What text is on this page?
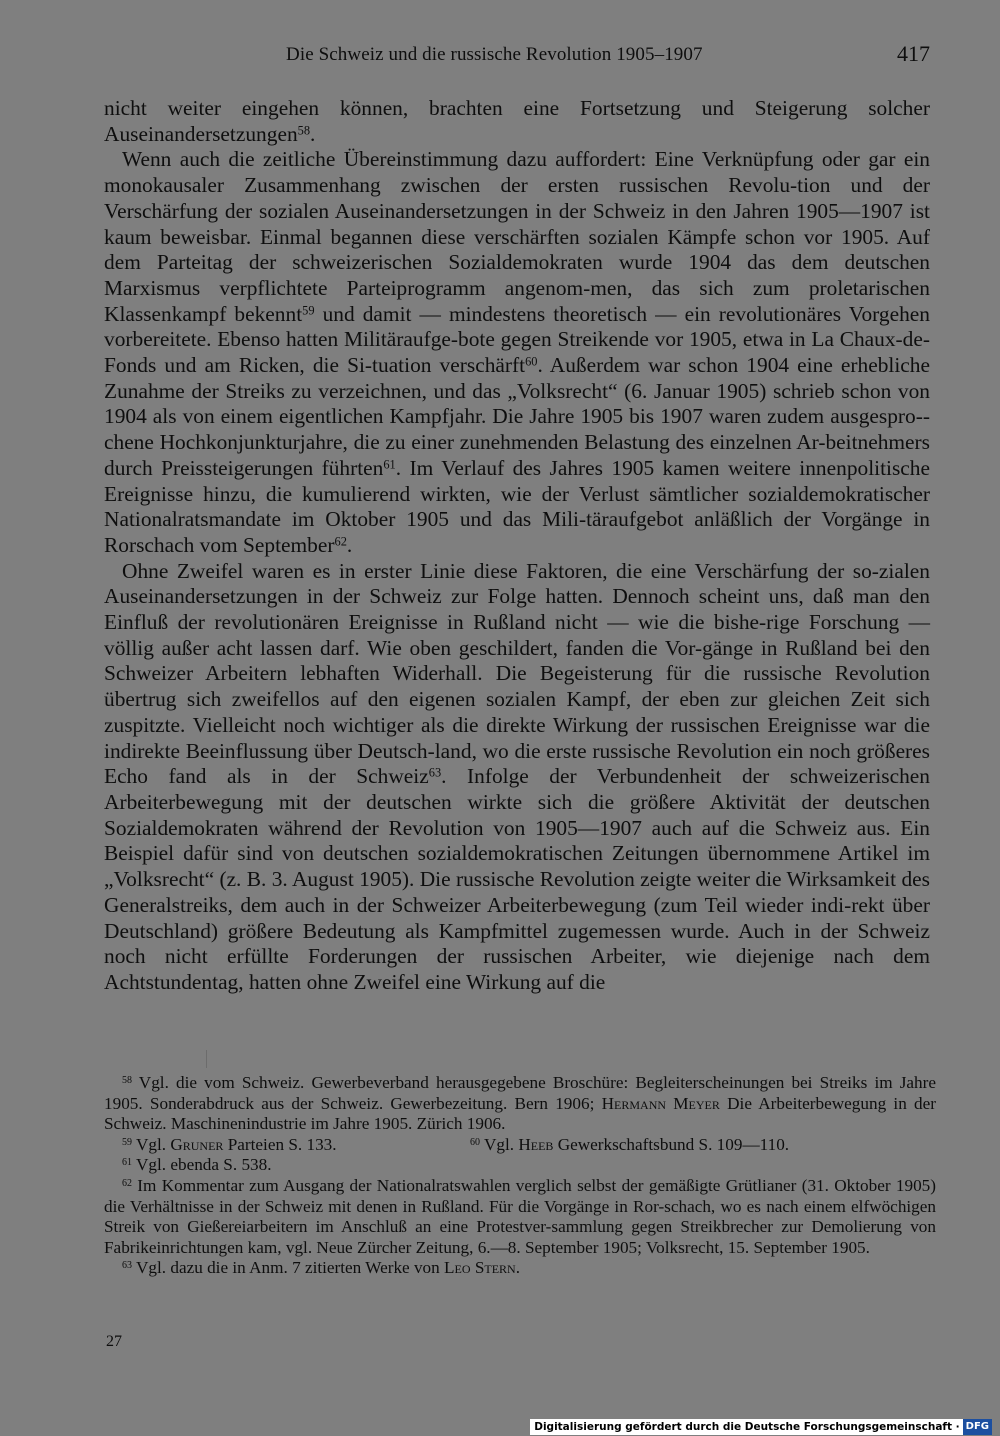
Die Schweiz und die russische Revolution 1905–1907	417

nicht weiter eingehen können, brachten eine Fortsetzung und Steigerung solcher Auseinandersetzungen$^{58}$.

Wenn auch die zeitliche Übereinstimmung dazu auffordert: Eine Verknüpfung oder gar ein monokausaler Zusammenhang zwischen der ersten russischen Revolu-tion und der Verschärfung der sozialen Auseinandersetzungen in der Schweiz in den Jahren 1905—1907 ist kaum beweisbar. Einmal begannen diese verschärften sozialen Kämpfe schon vor 1905. Auf dem Parteitag der schweizerischen Sozialdemokraten wurde 1904 das dem deutschen Marxismus verpflichtete Parteiprogramm angenom-men, das sich zum proletarischen Klassenkampf bekennt$^{59}$ und damit — mindestens theoretisch — ein revolutionäres Vorgehen vorbereitete. Ebenso hatten Militäraufge-bote gegen Streikende vor 1905, etwa in La Chaux-de-Fonds und am Ricken, die Si-tuation verschärft$^{60}$. Außerdem war schon 1904 eine erhebliche Zunahme der Streiks zu verzeichnen, und das „Volksrecht“ (6. Januar 1905) schrieb schon von 1904 als von einem eigentlichen Kampfjahr. Die Jahre 1905 bis 1907 waren zudem ausgespro-chene Hochkonjunkturjahre, die zu einer zunehmenden Belastung des einzelnen Ar-beitnehmers durch Preissteigerungen führten$^{61}$. Im Verlauf des Jahres 1905 kamen weitere innenpolitische Ereignisse hinzu, die kumulierend wirkten, wie der Verlust sämtlicher sozialdemokratischer Nationalratsmandate im Oktober 1905 und das Mili-täraufgebot anläßlich der Vorgänge in Rorschach vom September$^{62}$.

Ohne Zweifel waren es in erster Linie diese Faktoren, die eine Verschärfung der so-zialen Auseinandersetzungen in der Schweiz zur Folge hatten. Dennoch scheint uns, daß man den Einfluß der revolutionären Ereignisse in Rußland nicht — wie die bishe-rige Forschung — völlig außer acht lassen darf. Wie oben geschildert, fanden die Vor-gänge in Rußland bei den Schweizer Arbeitern lebhaften Widerhall. Die Begeisterung für die russische Revolution übertrug sich zweifellos auf den eigenen sozialen Kampf, der eben zur gleichen Zeit sich zuspitzte. Vielleicht noch wichtiger als die direkte Wirkung der russischen Ereignisse war die indirekte Beeinflussung über Deutsch-land, wo die erste russische Revolution ein noch größeres Echo fand als in der Schweiz$^{63}$. Infolge der Verbundenheit der schweizerischen Arbeiterbewegung mit der deutschen wirkte sich die größere Aktivität der deutschen Sozialdemokraten während der Revolution von 1905—1907 auch auf die Schweiz aus. Ein Beispiel dafür sind von deutschen sozialdemokratischen Zeitungen übernommene Artikel im „Volksrecht“ (z. B. 3. August 1905). Die russische Revolution zeigte weiter die Wirksamkeit des Generalstreiks, dem auch in der Schweizer Arbeiterbewegung (zum Teil wieder indi-rekt über Deutschland) größere Bedeutung als Kampfmittel zugemessen wurde. Auch in der Schweiz noch nicht erfüllte Forderungen der russischen Arbeiter, wie diejenige nach dem Achtstundentag, hatten ohne Zweifel eine Wirkung auf die

$^{58}$ Vgl. die vom Schweiz. Gewerbeverband herausgegebene Broschüre: Begleiterscheinungen bei Streiks im Jahre 1905. Sonderabdruck aus der Schweiz. Gewerbezeitung. Bern 1906; Hermann Meyer Die Arbeiterbewegung in der Schweiz. Maschinenindustrie im Jahre 1905. Zürich 1906.

$^{59}$ Vgl. Gruner Parteien S. 133.	$^{60}$ Vgl. Heeb Gewerkschaftsbund S. 109—110.

$^{61}$ Vgl. ebenda S. 538.

$^{62}$ Im Kommentar zum Ausgang der Nationalratswahlen verglich selbst der gemäßigte Grütlianer (31. Oktober 1905) die Verhältnisse in der Schweiz mit denen in Rußland. Für die Vorgänge in Ror-schach, wo es nach einem elfwöchigen Streik von Gießereiarbeitern im Anschluß an eine Protestver-sammlung gegen Streikbrecher zur Demolierung von Fabrikeinrichtungen kam, vgl. Neue Zürcher Zeitung, 6.—8. September 1905; Volksrecht, 15. September 1905.

$^{63}$ Vgl. dazu die in Anm. 7 zitierten Werke von Leo Stern.

27
Digitalisierung gefördert durch die Deutsche Forschungsgemeinschaft · DFG
